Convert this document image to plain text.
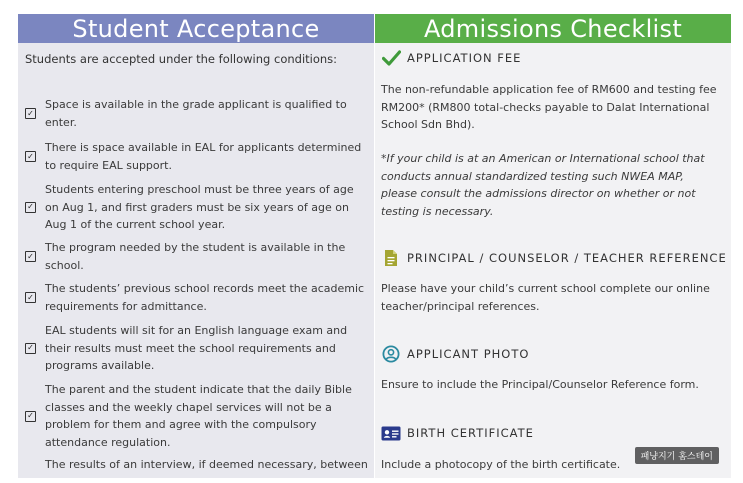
Student Acceptance
Students are accepted under the following conditions:
✓
Space is available in the grade applicant is qualified to enter.
✓
There is space available in EAL for applicants determined to require EAL support.
✓
Students entering preschool must be three years of age on Aug 1, and first graders must be six years of age on Aug 1 of the current school year.
✓
The program needed by the student is available in the school.
✓
The students’ previous school records meet the academic requirements for admittance.
✓
EAL students will sit for an English language exam and their results must meet the school requirements and programs available.
✓
The parent and the student indicate that the daily Bible classes and the weekly chapel services will not be a problem for them and agree with the compulsory attendance regulation.
The results of an interview, if deemed necessary, between
Admissions Checklist
APPLICATION FEE
The non-refundable application fee of RM600 and testing fee RM200* (RM800 total-checks payable to Dalat International School Sdn Bhd).
*If your child is at an American or International school that conducts annual standardized testing such NWEA MAP, please consult the admissions director on whether or not testing is necessary.
PRINCIPAL / COUNSELOR / TEACHER REFERENCE
Please have your child’s current school complete our online teacher/principal references.
APPLICANT PHOTO
Ensure to include the Principal/Counselor Reference form.
BIRTH CERTIFICATE
Include a photocopy of the birth certificate.
패냥지기 홈스테이
